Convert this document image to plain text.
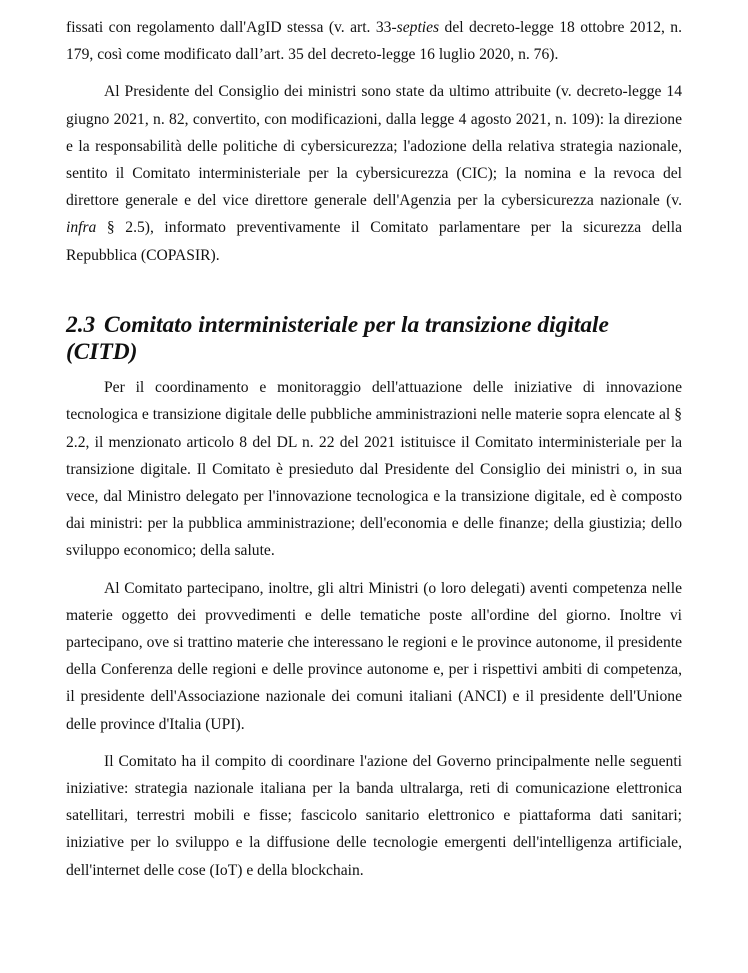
fissati con regolamento dall'AgID stessa (v. art. 33-septies del decreto-legge 18 ottobre 2012, n. 179, così come modificato dall’art. 35 del decreto-legge 16 luglio 2020, n. 76).

Al Presidente del Consiglio dei ministri sono state da ultimo attribuite (v. decreto-legge 14 giugno 2021, n. 82, convertito, con modificazioni, dalla legge 4 agosto 2021, n. 109): la direzione e la responsabilità delle politiche di cybersicurezza; l'adozione della relativa strategia nazionale, sentito il Comitato interministeriale per la cybersicurezza (CIC); la nomina e la revoca del direttore generale e del vice direttore generale dell'Agenzia per la cybersicurezza nazionale (v. infra § 2.5), informato preventivamente il Comitato parlamentare per la sicurezza della Repubblica (COPASIR).

2.3 Comitato interministeriale per la transizione digitale (CITD)

Per il coordinamento e monitoraggio dell'attuazione delle iniziative di innovazione tecnologica e transizione digitale delle pubbliche amministrazioni nelle materie sopra elencate al § 2.2, il menzionato articolo 8 del DL n. 22 del 2021 istituisce il Comitato interministeriale per la transizione digitale. Il Comitato è presieduto dal Presidente del Consiglio dei ministri o, in sua vece, dal Ministro delegato per l'innovazione tecnologica e la transizione digitale, ed è composto dai ministri: per la pubblica amministrazione; dell'economia e delle finanze; della giustizia; dello sviluppo economico; della salute.

Al Comitato partecipano, inoltre, gli altri Ministri (o loro delegati) aventi competenza nelle materie oggetto dei provvedimenti e delle tematiche poste all'ordine del giorno. Inoltre vi partecipano, ove si trattino materie che interessano le regioni e le province autonome, il presidente della Conferenza delle regioni e delle province autonome e, per i rispettivi ambiti di competenza, il presidente dell'Associazione nazionale dei comuni italiani (ANCI) e il presidente dell'Unione delle province d'Italia (UPI).

Il Comitato ha il compito di coordinare l'azione del Governo principalmente nelle seguenti iniziative: strategia nazionale italiana per la banda ultralarga, reti di comunicazione elettronica satellitari, terrestri mobili e fisse; fascicolo sanitario elettronico e piattaforma dati sanitari; iniziative per lo sviluppo e la diffusione delle tecnologie emergenti dell'intelligenza artificiale, dell'internet delle cose (IoT) e della blockchain.
